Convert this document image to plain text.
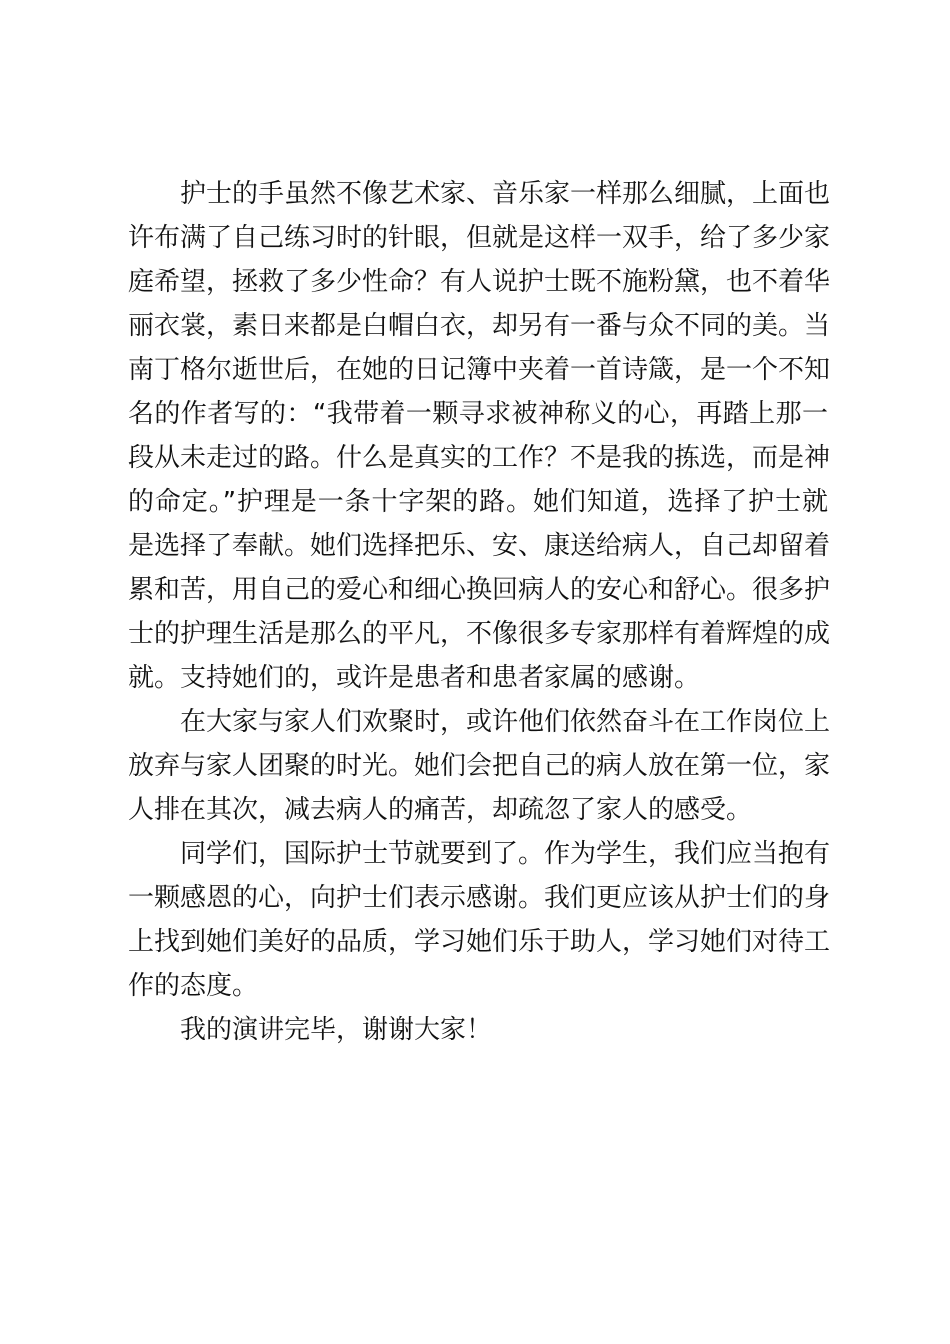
护士的手虽然不像艺术家、音乐家一样那么细腻，上面也
许布满了自己练习时的针眼，但就是这样一双手，给了多少家
庭希望，拯救了多少性命？有人说护士既不施粉黛，也不着华
丽衣裳，素日来都是白帽白衣，却另有一番与众不同的美。当
南丁格尔逝世后，在她的日记簿中夹着一首诗箴，是一个不知
名的作者写的：“我带着一颗寻求被神称义的心，再踏上那一
段从未走过的路。什么是真实的工作？不是我的拣选，而是神
的命定。”护理是一条十字架的路。她们知道，选择了护士就
是选择了奉献。她们选择把乐、安、康送给病人，自己却留着
累和苦，用自己的爱心和细心换回病人的安心和舒心。很多护
士的护理生活是那么的平凡，不像很多专家那样有着辉煌的成
就。支持她们的，或许是患者和患者家属的感谢。
在大家与家人们欢聚时，或许他们依然奋斗在工作岗位上
放弃与家人团聚的时光。她们会把自己的病人放在第一位，家
人排在其次，减去病人的痛苦，却疏忽了家人的感受。
同学们，国际护士节就要到了。作为学生，我们应当抱有
一颗感恩的心，向护士们表示感谢。我们更应该从护士们的身
上找到她们美好的品质，学习她们乐于助人，学习她们对待工
作的态度。
我的演讲完毕，谢谢大家！
